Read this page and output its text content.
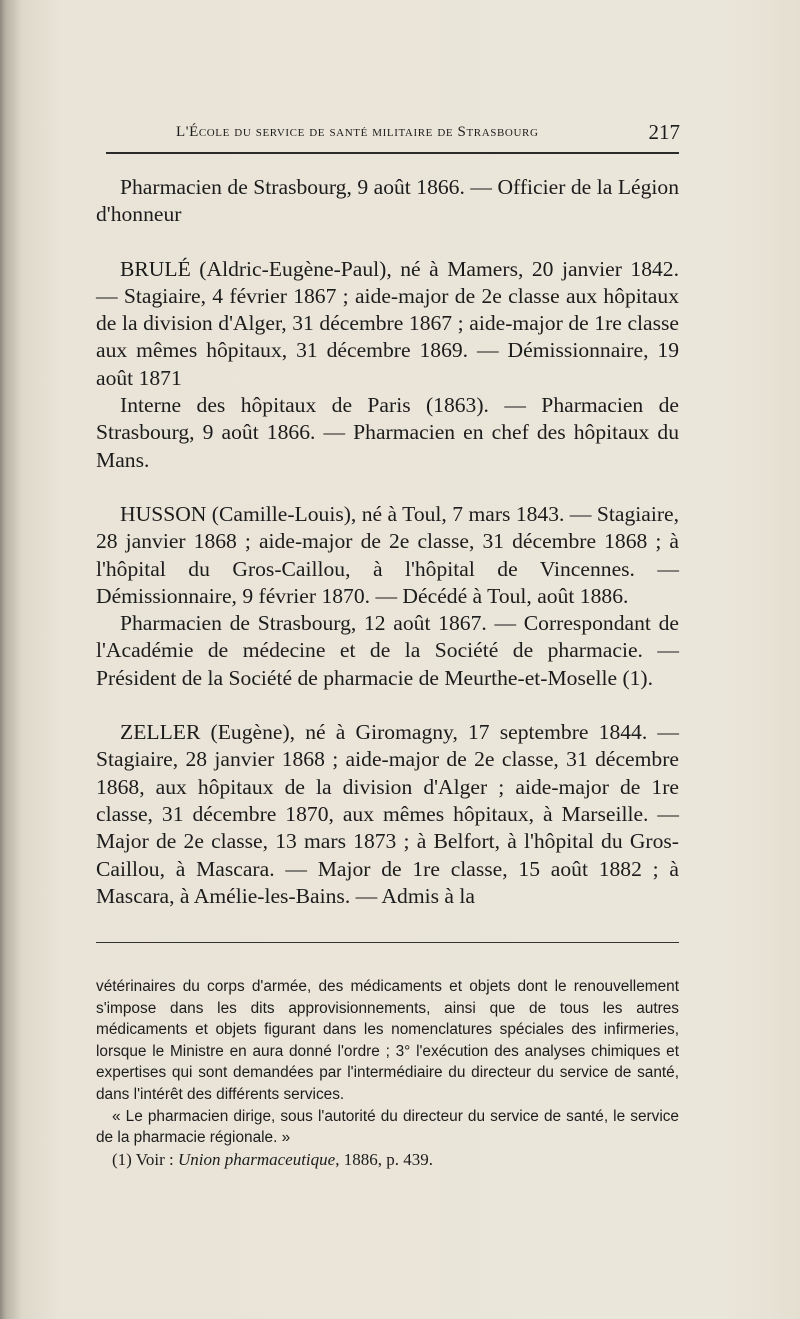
L'École du service de santé militaire de Strasbourg	217

Pharmacien de Strasbourg, 9 août 1866. — Officier de la Légion d'honneur

BRULÉ (Aldric-Eugène-Paul), né à Mamers, 20 janvier 1842. — Stagiaire, 4 février 1867 ; aide-major de 2e classe aux hôpitaux de la division d'Alger, 31 décembre 1867 ; aide-major de 1re classe aux mêmes hôpitaux, 31 décembre 1869. — Démissionnaire, 19 août 1871

Interne des hôpitaux de Paris (1863). — Pharmacien de Strasbourg, 9 août 1866. — Pharmacien en chef des hôpitaux du Mans.

HUSSON (Camille-Louis), né à Toul, 7 mars 1843. — Stagiaire, 28 janvier 1868 ; aide-major de 2e classe, 31 décembre 1868 ; à l'hôpital du Gros-Caillou, à l'hôpital de Vincennes. — Démissionnaire, 9 février 1870. — Décédé à Toul, août 1886.

Pharmacien de Strasbourg, 12 août 1867. — Correspondant de l'Académie de médecine et de la Société de pharmacie. — Président de la Société de pharmacie de Meurthe-et-Moselle (1).

ZELLER (Eugène), né à Giromagny, 17 septembre 1844. — Stagiaire, 28 janvier 1868 ; aide-major de 2e classe, 31 décembre 1868, aux hôpitaux de la division d'Alger ; aide-major de 1re classe, 31 décembre 1870, aux mêmes hôpitaux, à Marseille. — Major de 2e classe, 13 mars 1873 ; à Belfort, à l'hôpital du Gros-Caillou, à Mascara. — Major de 1re classe, 15 août 1882 ; à Mascara, à Amélie-les-Bains. — Admis à la

vétérinaires du corps d'armée, des médicaments et objets dont le renouvellement s'impose dans les dits approvisionnements, ainsi que de tous les autres médicaments et objets figurant dans les nomenclatures spéciales des infirmeries, lorsque le Ministre en aura donné l'ordre ; 3° l'exécution des analyses chimiques et expertises qui sont demandées par l'intermédiaire du directeur du service de santé, dans l'intérêt des différents services.

« Le pharmacien dirige, sous l'autorité du directeur du service de santé, le service de la pharmacie régionale. »

(1) Voir : Union pharmaceutique, 1886, p. 439.
